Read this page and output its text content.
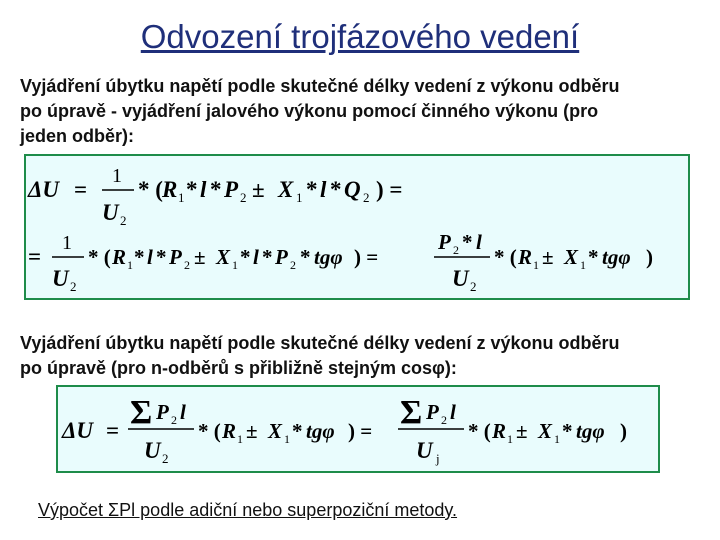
Odvození trojfázového vedení
Vyjádření úbytku napětí podle skutečné délky vedení z výkonu odběru
po úpravě - vyjádření jalového výkonu pomocí činného výkonu (pro
jeden odběr):
ΔU =
1
U 2
* ( R 1 * l * P 2 ± X 1 * l * Q 2 ) =
=
1
U 2
* ( R 1 * l * P 2 ± X 1 * l * P 2 * tgφ ) =
P 2 * l
U 2
* ( R 1 ± X 1 * tgφ )
Vyjádření úbytku napětí podle skutečné délky vedení z výkonu odběru
po úpravě (pro n-odběrů s přibližně stejným cosφ):
ΔU = Σ P 2 l
U 2
* ( R 1 ± X 1 * tgφ ) = Σ P 2 l
U j
* ( R 1 ± X 1 * tgφ )
Výpočet ΣPl podle adiční nebo superpoziční metody.
